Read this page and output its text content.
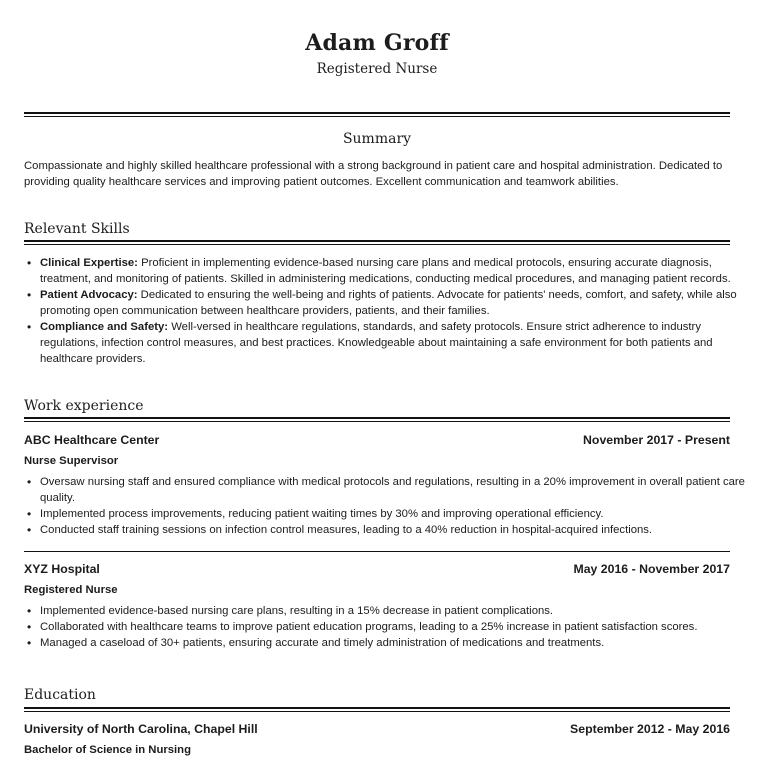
Adam Groff
Registered Nurse
Summary
Compassionate and highly skilled healthcare professional with a strong background in patient care and hospital administration. Dedicated to providing quality healthcare services and improving patient outcomes. Excellent communication and teamwork abilities.
Relevant Skills
• Clinical Expertise: Proficient in implementing evidence-based nursing care plans and medical protocols, ensuring accurate diagnosis, treatment, and monitoring of patients. Skilled in administering medications, conducting medical procedures, and managing patient records.
• Patient Advocacy: Dedicated to ensuring the well-being and rights of patients. Advocate for patients' needs, comfort, and safety, while also promoting open communication between healthcare providers, patients, and their families.
• Compliance and Safety: Well-versed in healthcare regulations, standards, and safety protocols. Ensure strict adherence to industry regulations, infection control measures, and best practices. Knowledgeable about maintaining a safe environment for both patients and healthcare providers.
Work experience
ABC Healthcare Center	November 2017 - Present
Nurse Supervisor
• Oversaw nursing staff and ensured compliance with medical protocols and regulations, resulting in a 20% improvement in overall patient care quality.
• Implemented process improvements, reducing patient waiting times by 30% and improving operational efficiency.
• Conducted staff training sessions on infection control measures, leading to a 40% reduction in hospital-acquired infections.
XYZ Hospital	May 2016 - November 2017
Registered Nurse
• Implemented evidence-based nursing care plans, resulting in a 15% decrease in patient complications.
• Collaborated with healthcare teams to improve patient education programs, leading to a 25% increase in patient satisfaction scores.
• Managed a caseload of 30+ patients, ensuring accurate and timely administration of medications and treatments.
Education
University of North Carolina, Chapel Hill	September 2012 - May 2016
Bachelor of Science in Nursing
